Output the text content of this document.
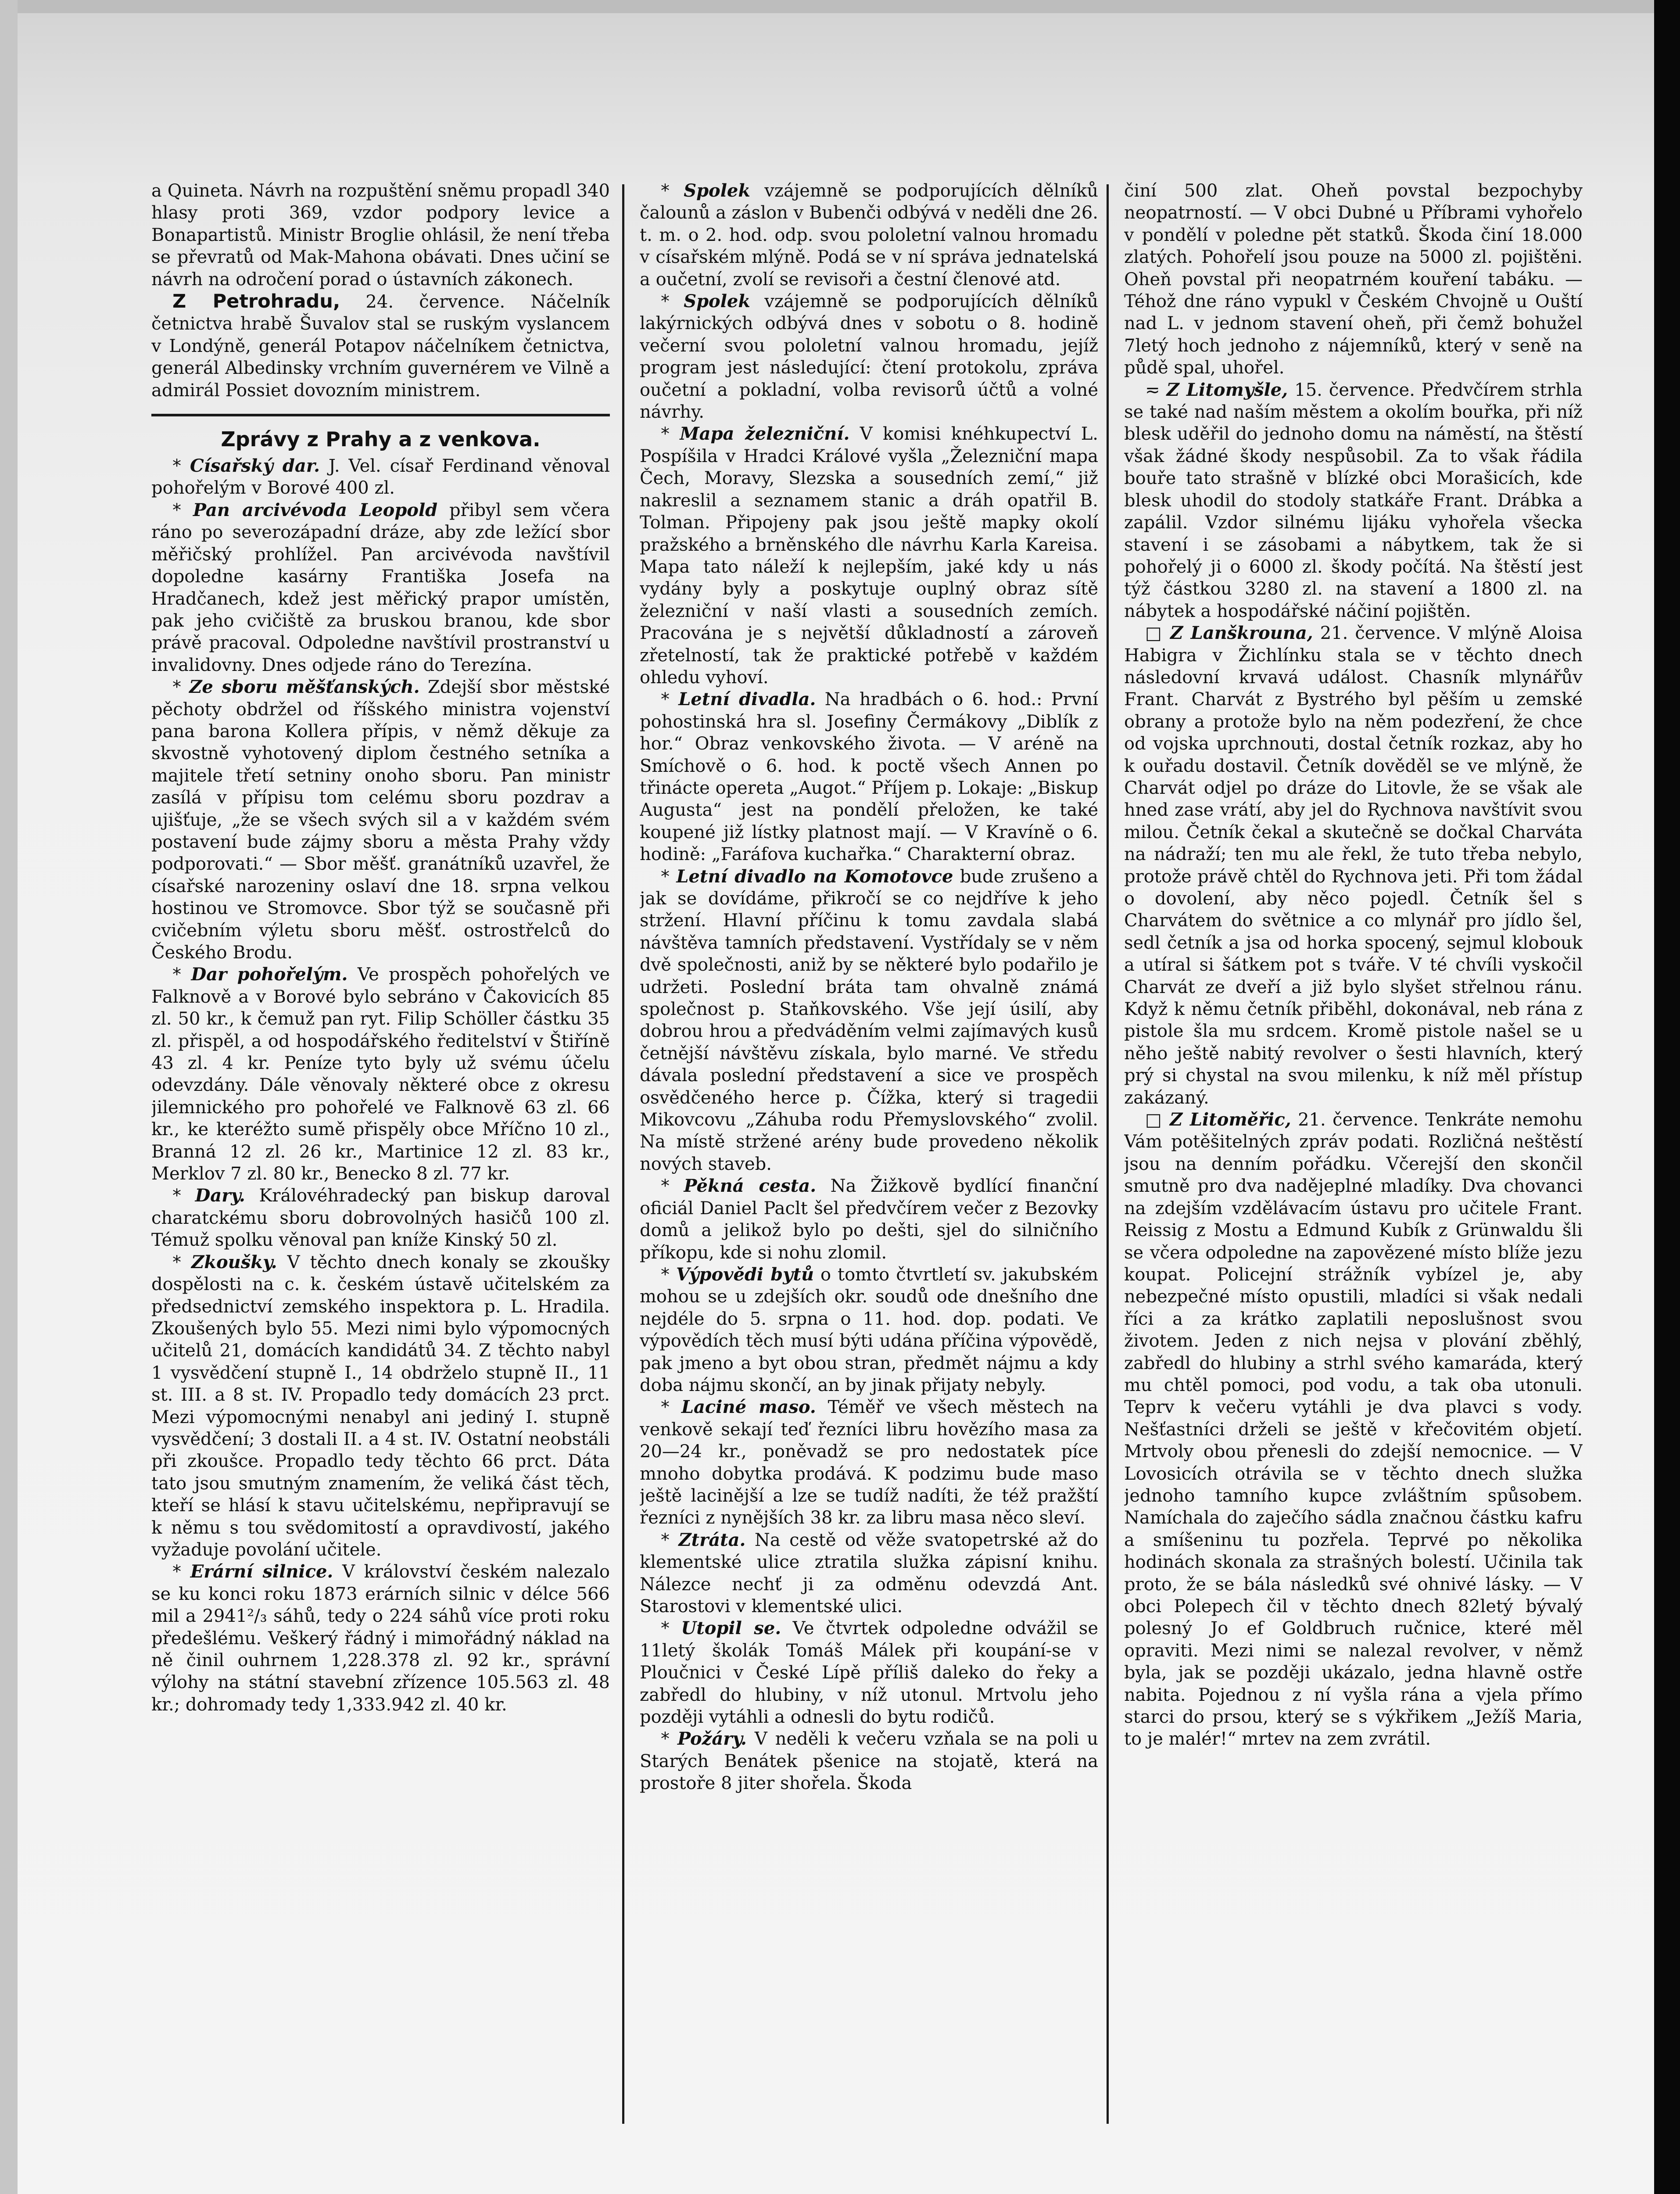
a Quineta. Návrh na rozpuštění sněmu propadl 340 hlasy proti 369, vzdor podpory levice a Bonapartistů. Ministr Broglie ohlásil, že není třeba se převratů od Mak-Mahona obávati. Dnes učiní se návrh na odročení porad o ústavních zákonech.

Z Petrohradu, 24. července. Náčelník četnictva hrabě Šuvalov stal se ruským vyslancem v Londýně, generál Potapov náčelníkem četnictva, generál Albedinsky vrchním guvernérem ve Vilně a admirál Possiet dovozním ministrem.

Zprávy z Prahy a z venkova.

* Císařský dar. J. Vel. císař Ferdinand věnoval pohořelým v Borové 400 zl.

* Pan arcivévoda Leopold přibyl sem včera ráno po severozápadní dráze, aby zde ležící sbor měřičský prohlížel. Pan arcivévoda navštívil dopoledne kasárny Františka Josefa na Hradčanech, kdež jest měřický prapor umístěn, pak jeho cvičiště za bruskou branou, kde sbor právě pracoval. Odpoledne navštívil prostranství u invalidovny. Dnes odjede ráno do Terezína.

* Ze sboru měšťanských. Zdejší sbor městské pěchoty obdržel od říšského ministra vojenství pana barona Kollera přípis, v němž děkuje za skvostně vyhotovený diplom čestného setníka a majitele třetí setniny onoho sboru. Pan ministr zasílá v přípisu tom celému sboru pozdrav a ujišťuje, „že se všech svých sil a v každém svém postavení bude zájmy sboru a města Prahy vždy podporovati.“ — Sbor měšť. granátníků uzavřel, že císařské narozeniny oslaví dne 18. srpna velkou hostinou ve Stromovce. Sbor týž se současně při cvičebním výletu sboru měšť. ostrostřelců do Českého Brodu.

* Dar pohořelým. Ve prospěch pohořelých ve Falknově a v Borové bylo sebráno v Čakovicích 85 zl. 50 kr., k čemuž pan ryt. Filip Schöller částku 35 zl. přispěl, a od hospodářského ředitelství v Štiříně 43 zl. 4 kr. Peníze tyto byly už svému účelu odevzdány. Dále věnovaly některé obce z okresu jilemnického pro pohořelé ve Falknově 63 zl. 66 kr., ke kteréžto sumě přispěly obce Mříčno 10 zl., Branná 12 zl. 26 kr., Martinice 12 zl. 83 kr., Merklov 7 zl. 80 kr., Benecko 8 zl. 77 kr.

* Dary. Královéhradecký pan biskup daroval charatckému sboru dobrovolných hasičů 100 zl. Témuž spolku věnoval pan kníže Kinský 50 zl.

* Zkoušky. V těchto dnech konaly se zkoušky dospělosti na c. k. českém ústavě učitelském za předsednictví zemského inspektora p. L. Hradila. Zkoušených bylo 55. Mezi nimi bylo výpomocných učitelů 21, domácích kandidátů 34. Z těchto nabyl 1 vysvědčení stupně I., 14 obdrželo stupně II., 11 st. III. a 8 st. IV. Propadlo tedy domácích 23 prct. Mezi výpomocnými nenabyl ani jediný I. stupně vysvědčení; 3 dostali II. a 4 st. IV. Ostatní neobstáli při zkoušce. Propadlo tedy těchto 66 prct. Dáta tato jsou smutným znamením, že veliká část těch, kteří se hlásí k stavu učitelskému, nepřipravují se k němu s tou svědomitostí a opravdivostí, jakého vyžaduje povolání učitele.

* Erární silnice. V království českém nalezalo se ku konci roku 1873 erárních silnic v délce 566 mil a 2941²/₃ sáhů, tedy o 224 sáhů více proti roku předešlému. Veškerý řádný i mimořádný náklad na ně činil ouhrnem 1,228.378 zl. 92 kr., správní výlohy na státní stavební zřízence 105.563 zl. 48 kr.; dohromady tedy 1,333.942 zl. 40 kr.

* Spolek vzájemně se podporujících dělníků čalounů a záslon v Bubenči odbývá v neděli dne 26. t. m. o 2. hod. odp. svou pololetní valnou hromadu v císařském mlýně. Podá se v ní správa jednatelská a oučetní, zvolí se revisoři a čestní členové atd.

* Spolek vzájemně se podporujících dělníků lakýrnických odbývá dnes v sobotu o 8. hodině večerní svou pololetní valnou hromadu, jejíž program jest následující: čtení protokolu, zpráva oučetní a pokladní, volba revisorů účtů a volné návrhy.

* Mapa železniční. V komisi knéhkupectví L. Pospíšila v Hradci Králové vyšla „Železniční mapa Čech, Moravy, Slezska a sousedních zemí,“ již nakreslil a seznamem stanic a dráh opatřil B. Tolman. Připojeny pak jsou ještě mapky okolí pražského a brněnského dle návrhu Karla Kareisa. Mapa tato náleží k nejlepším, jaké kdy u nás vydány byly a poskytuje ouplný obraz sítě železniční v naší vlasti a sousedních zemích. Pracována je s největší důkladností a zároveň zřetelností, tak že praktické potřebě v každém ohledu vyhoví.

* Letní divadla. Na hradbách o 6. hod.: První pohostinská hra sl. Josefiny Čermákovy „Diblík z hor.“ Obraz venkovského života. — V aréně na Smíchově o 6. hod. k poctě všech Annen po třinácte opereta „Augot.“ Příjem p. Lokaje: „Biskup Augusta“ jest na pondělí přeložen, ke také koupené již lístky platnost mají. — V Kravíně o 6. hodině: „Faráfova kuchařka.“ Charakterní obraz.

* Letní divadlo na Komotovce bude zrušeno a jak se dovídáme, přikročí se co nejdříve k jeho stržení. Hlavní příčinu k tomu zavdala slabá návštěva tamních představení. Vystřídaly se v něm dvě společnosti, aniž by se některé bylo podařilo je udržeti. Poslední bráta tam ohvalně známá společnost p. Staňkovského. Vše její úsilí, aby dobrou hrou a předváděním velmi zajímavých kusů četnější návštěvu získala, bylo marné. Ve středu dávala poslední představení a sice ve prospěch osvědčeného herce p. Čížka, který si tragedii Mikovcovu „Záhuba rodu Přemyslovského“ zvolil. Na místě stržené arény bude provedeno několik nových staveb.

* Pěkná cesta. Na Žižkově bydlící finanční oficiál Daniel Paclt šel předvčírem večer z Bezovky domů a jelikož bylo po dešti, sjel do silničního příkopu, kde si nohu zlomil.

* Výpovědi bytů o tomto čtvrtletí sv. jakubském mohou se u zdejších okr. soudů ode dnešního dne nejdéle do 5. srpna o 11. hod. dop. podati. Ve výpovědích těch musí býti udána příčina výpovědě, pak jmeno a byt obou stran, předmět nájmu a kdy doba nájmu skončí, an by jinak přijaty nebyly.

* Laciné maso. Téměř ve všech městech na venkově sekají teď řezníci libru hovězího masa za 20—24 kr., poněvadž se pro nedostatek píce mnoho dobytka prodává. K podzimu bude maso ještě lacinější a lze se tudíž nadíti, že též pražští řezníci z nynějších 38 kr. za libru masa něco sleví.

* Ztráta. Na cestě od věže svatopetrské až do klementské ulice ztratila služka zápisní knihu. Nálezce nechť ji za odměnu odevzdá Ant. Starostovi v klementské ulici.

* Utopil se. Ve čtvrtek odpoledne odvážil se 11letý školák Tomáš Málek při koupání-se v Ploučnici v České Lípě příliš daleko do řeky a zabředl do hlubiny, v níž utonul. Mrtvolu jeho později vytáhli a odnesli do bytu rodičů.

* Požáry. V neděli k večeru vzňala se na poli u Starých Benátek pšenice na stojatě, která na prostoře 8 jiter shořela. Škoda

činí 500 zlat. Oheň povstal bezpochyby neopatrností. — V obci Dubné u Příbrami vyhořelo v pondělí v poledne pět statků. Škoda činí 18.000 zlatých. Pohořelí jsou pouze na 5000 zl. pojištěni. Oheň povstal při neopatrném kouření tabáku. — Téhož dne ráno vypukl v Českém Chvojně u Ouští nad L. v jednom stavení oheň, při čemž bohužel 7letý hoch jednoho z nájemníků, který v seně na půdě spal, uhořel.

≂ Z Litomyšle, 15. července. Předvčírem strhla se také nad naším městem a okolím bouřka, při níž blesk uděřil do jednoho domu na náměstí, na štěstí však žádné škody nespůsobil. Za to však řádila bouře tato strašně v blízké obci Morašicích, kde blesk uhodil do stodoly statkáře Frant. Drábka a zapálil. Vzdor silnému lijáku vyhořela všecka stavení i se zásobami a nábytkem, tak že si pohořelý ji o 6000 zl. škody počítá. Na štěstí jest týž částkou 3280 zl. na stavení a 1800 zl. na nábytek a hospodářské náčiní pojištěn.

□ Z Lanškrouna, 21. července. V mlýně Aloisa Habigra v Žichlínku stala se v těchto dnech následovní krvavá událost. Chasník mlynářův Frant. Charvát z Bystrého byl pěším u zemské obrany a protože bylo na něm podezření, že chce od vojska uprchnouti, dostal četník rozkaz, aby ho k ouřadu dostavil. Četník dověděl se ve mlýně, že Charvát odjel po dráze do Litovle, že se však ale hned zase vrátí, aby jel do Rychnova navštívit svou milou. Četník čekal a skutečně se dočkal Charváta na nádraží; ten mu ale řekl, že tuto třeba nebylo, protože právě chtěl do Rychnova jeti. Při tom žádal o dovolení, aby něco pojedl. Četník šel s Charvátem do světnice a co mlynář pro jídlo šel, sedl četník a jsa od horka spocený, sejmul klobouk a utíral si šátkem pot s tváře. V té chvíli vyskočil Charvát ze dveří a již bylo slyšet střelnou ránu. Když k němu četník přiběhl, dokonával, neb rána z pistole šla mu srdcem. Kromě pistole našel se u něho ještě nabitý revolver o šesti hlavních, který prý si chystal na svou milenku, k níž měl přístup zakázaný.

□ Z Litoměřic, 21. července. Tenkráte nemohu Vám potěšitelných zpráv podati. Rozličná neštěstí jsou na denním pořádku. Včerejší den skončil smutně pro dva nadějeplné mladíky. Dva chovanci na zdejším vzdělávacím ústavu pro učitele Frant. Reissig z Mostu a Edmund Kubík z Grünwaldu šli se včera odpoledne na zapovězené místo blíže jezu koupat. Policejní strážník vybízel je, aby nebezpečné místo opustili, mladíci si však nedali říci a za krátko zaplatili neposlušnost svou životem. Jeden z nich nejsa v plování zběhlý, zabředl do hlubiny a strhl svého kamaráda, který mu chtěl pomoci, pod vodu, a tak oba utonuli. Teprv k večeru vytáhli je dva plavci s vody. Nešťastníci drželi se ještě v křečovitém objetí. Mrtvoly obou přenesli do zdejší nemocnice. — V Lovosicích otrávila se v těchto dnech služka jednoho tamního kupce zvláštním spůsobem. Namíchala do zaječího sádla značnou částku kafru a smíšeninu tu pozřela. Teprvé po několika hodinách skonala za strašných bolestí. Učinila tak proto, že se bála následků své ohnivé lásky. — V obci Polepech čil v těchto dnech 82letý bývalý polesný Jo ef Goldbruch ručnice, které měl opraviti. Mezi nimi se nalezal revolver, v němž byla, jak se později ukázalo, jedna hlavně ostře nabita. Pojednou z ní vyšla rána a vjela přímo starci do prsou, který se s výkřikem „Ježíš Maria, to je malér!“ mrtev na zem zvrátil.
